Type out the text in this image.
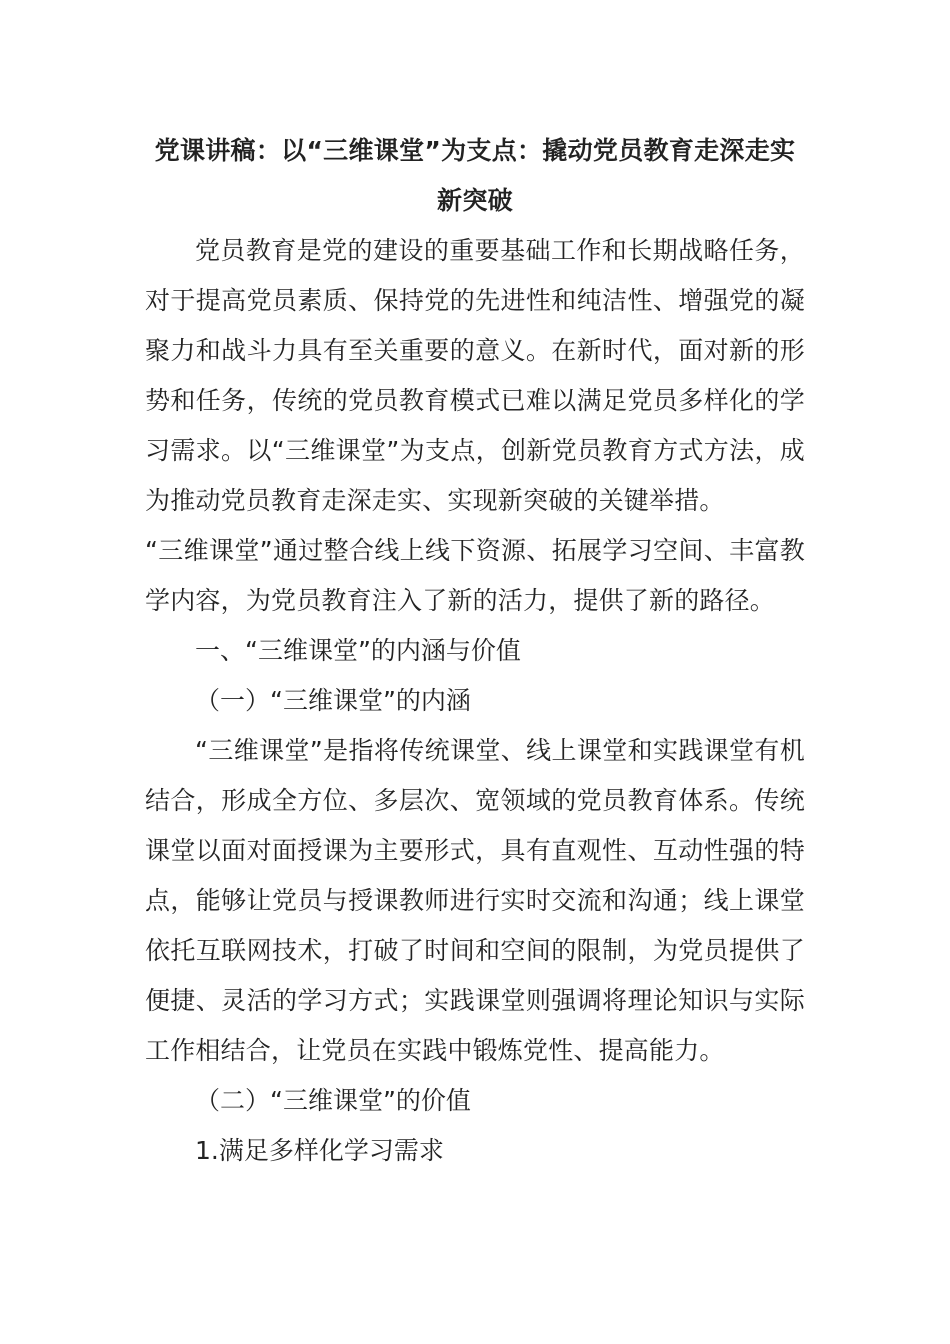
党课讲稿：以“三维课堂”为支点：撬动党员教育走深走实新突破

党员教育是党的建设的重要基础工作和长期战略任务，对于提高党员素质、保持党的先进性和纯洁性、增强党的凝聚力和战斗力具有至关重要的意义。在新时代，面对新的形势和任务，传统的党员教育模式已难以满足党员多样化的学习需求。以“三维课堂”为支点，创新党员教育方式方法，成为推动党员教育走深走实、实现新突破的关键举措。

“三维课堂”通过整合线上线下资源、拓展学习空间、丰富教学内容，为党员教育注入了新的活力，提供了新的路径。

一、“三维课堂”的内涵与价值

（一）“三维课堂”的内涵

“三维课堂”是指将传统课堂、线上课堂和实践课堂有机结合，形成全方位、多层次、宽领域的党员教育体系。传统课堂以面对面授课为主要形式，具有直观性、互动性强的特点，能够让党员与授课教师进行实时交流和沟通；线上课堂依托互联网技术，打破了时间和空间的限制，为党员提供了便捷、灵活的学习方式；实践课堂则强调将理论知识与实际工作相结合，让党员在实践中锻炼党性、提高能力。

（二）“三维课堂”的价值

1.满足多样化学习需求
